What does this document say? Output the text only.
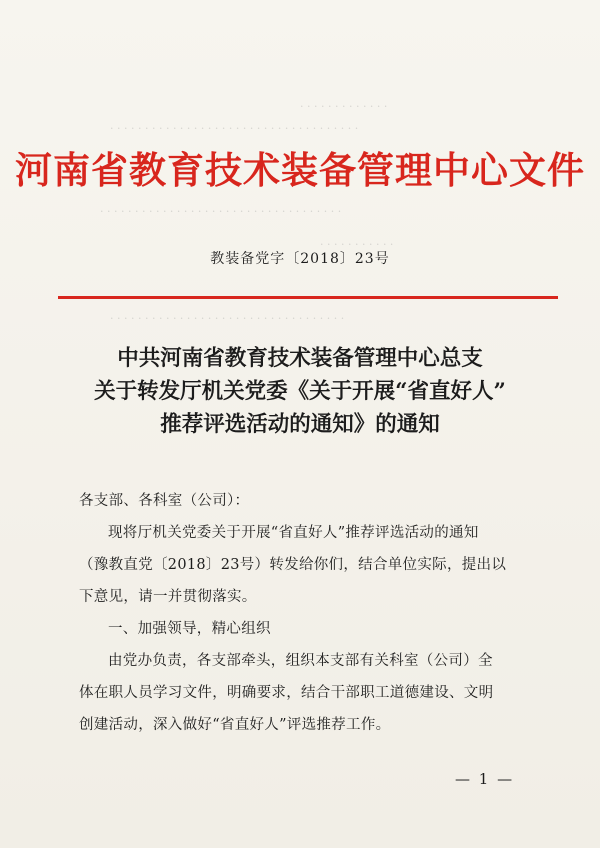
· · · · · · · · · · · · ·
· · · · · · · · · · · · · · · · · · · · · · · · · · · · · · · · · · · ·
· · · · · · · · · · · · · · · · · · · · · · · · · · · · · · · · · · ·
· · · · · · · · · · ·
· · · · · · · · · · · · · · · · · · · · · · · · · · · · · · · · · ·
河南省教育技术装备管理中心文件
教装备党字〔2018〕23号
中共河南省教育技术装备管理中心总支
关于转发厅机关党委《关于开展“省直好人”
推荐评选活动的通知》的通知
各支部、各科室（公司）：
现将厅机关党委关于开展“省直好人”推荐评选活动的通知
（豫教直党〔2018〕23号）转发给你们，结合单位实际，提出以
下意见，请一并贯彻落实。
一、加强领导，精心组织
由党办负责，各支部牵头，组织本支部有关科室（公司）全
体在职人员学习文件，明确要求，结合干部职工道德建设、文明
创建活动，深入做好“省直好人”评选推荐工作。
— 1 —
